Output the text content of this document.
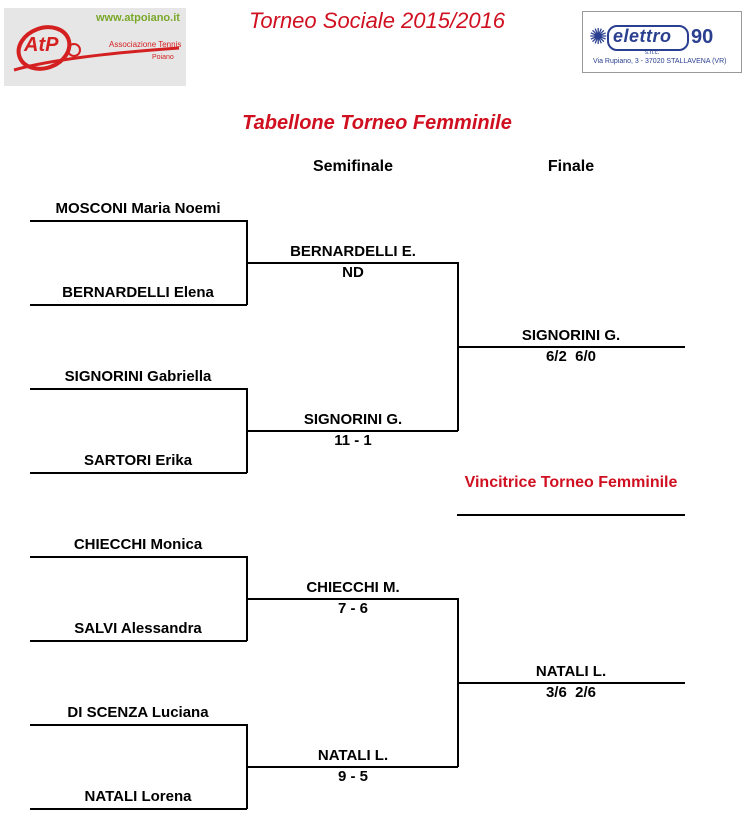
AtP
www.atpoiano.it
Associazione Tennis
Poiano
Torneo Sociale 2015/2016
✺ elettro 90
s.n.c.
Via Rupiano, 3 - 37020 STALLAVENA (VR)
Tabellone Torneo Femminile
Semifinale	Finale
MOSCONI Maria Noemi
BERNARDELLI Elena
SIGNORINI Gabriella
SARTORI Erika
CHIECCHI Monica
SALVI Alessandra
DI SCENZA Luciana
NATALI Lorena
BERNARDELLI E.
ND
SIGNORINI G.
11 - 1
CHIECCHI M.
7 - 6
NATALI L.
9 - 5
SIGNORINI G.
6/2  6/0
NATALI L.
3/6  2/6
Vincitrice Torneo Femminile
